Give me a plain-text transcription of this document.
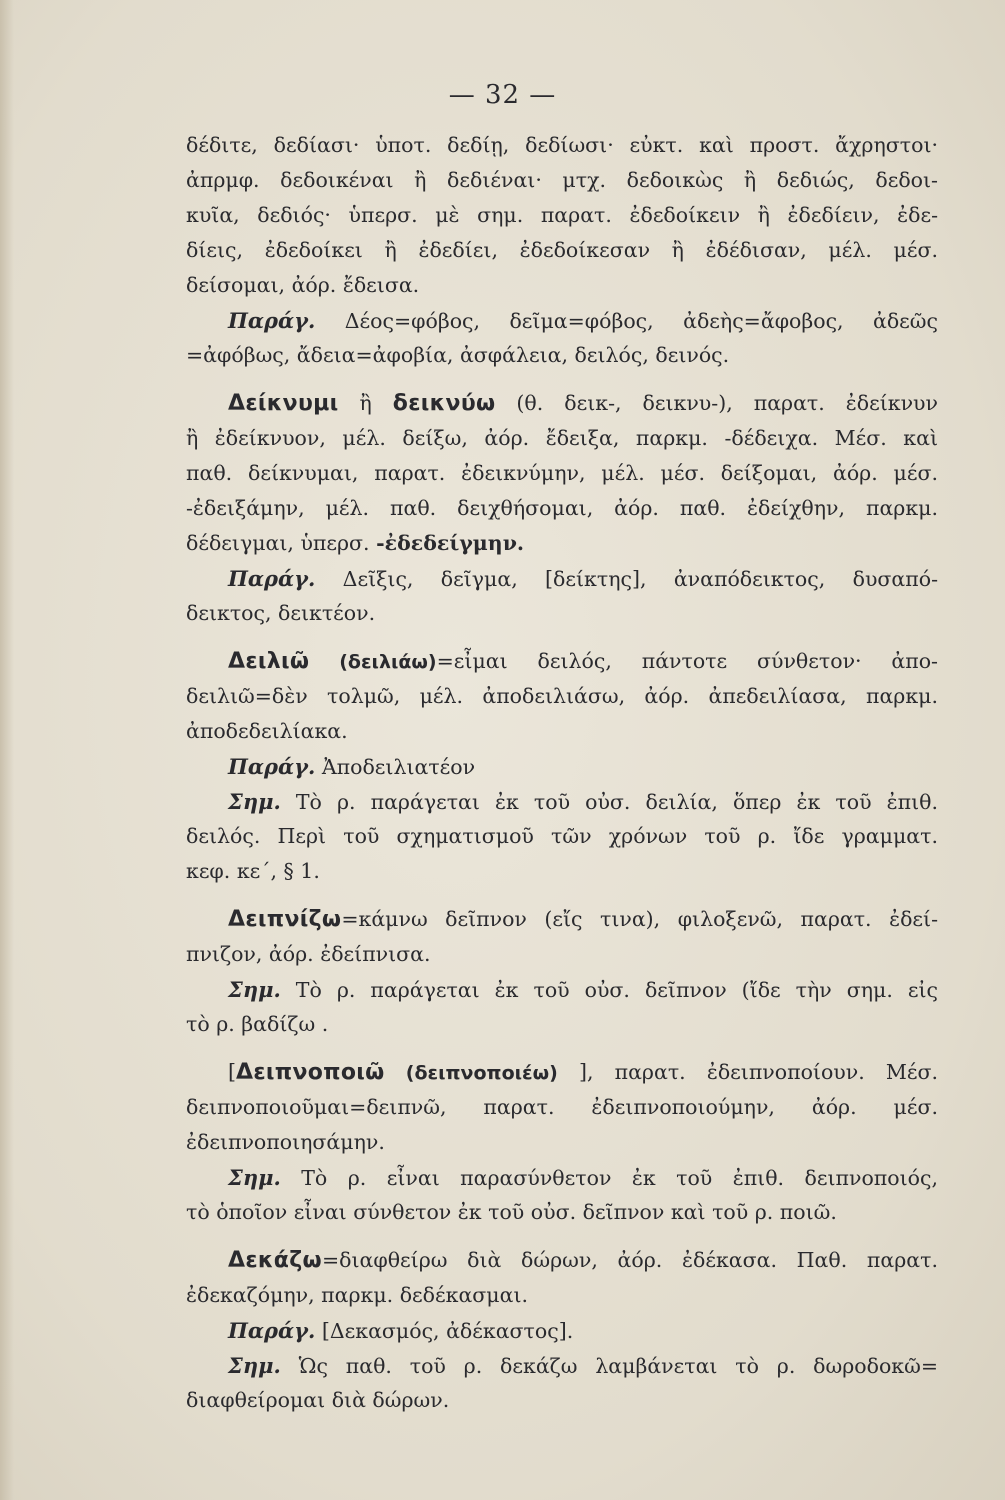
— 32 —
δέδιτε, δεδίασι· ὑποτ. δεδίῃ, δεδίωσι· εὐκτ. καὶ προστ. ἄχρηστοι·
ἀπρμφ. δεδοικέναι ἢ δεδιέναι· μτχ. δεδοικὼς ἢ δεδιώς, δεδοι-
κυῖα, δεδιός· ὑπερσ. μὲ σημ. παρατ. ἐδεδοίκειν ἢ ἐδεδίειν, ἐδε-
δίεις, ἐδεδοίκει ἢ ἐδεδίει, ἐδεδοίκεσαν ἢ ἐδέδισαν, μέλ. μέσ.
δείσομαι, ἀόρ. ἔδεισα.
Παράγ. Δέος=φόβος, δεῖμα=φόβος, ἀδεὴς=ἄφοβος, ἀδεῶς
=ἀφόβως, ἄδεια=ἀφοβία, ἀσφάλεια, δειλός, δεινός.
Δείκνυμι ἢ δεικνύω (θ. δεικ-, δεικνυ-), παρατ. ἐδείκνυν
ἢ ἐδείκνυον, μέλ. δείξω, ἀόρ. ἔδειξα, παρκμ. -δέδειχα. Μέσ. καὶ
παθ. δείκνυμαι, παρατ. ἐδεικνύμην, μέλ. μέσ. δείξομαι, ἀόρ. μέσ.
-ἐδειξάμην, μέλ. παθ. δειχθήσομαι, ἀόρ. παθ. ἐδείχθην, παρκμ.
δέδειγμαι, ὑπερσ. -ἐδεδείγμην.
Παράγ. Δεῖξις, δεῖγμα, [δείκτης], ἀναπόδεικτος, δυσαπό-
δεικτος, δεικτέον.
Δειλιῶ (δειλιάω)=εἶμαι δειλός, πάντοτε σύνθετον· ἀπο-
δειλιῶ=δὲν τολμῶ, μέλ. ἀποδειλιάσω, ἀόρ. ἀπεδειλίασα, παρκμ.
ἀποδεδειλίακα.
Παράγ. Ἀποδειλιατέον
Σημ. Τὸ ρ. παράγεται ἐκ τοῦ οὐσ. δειλία, ὅπερ ἐκ τοῦ ἐπιθ.
δειλός. Περὶ τοῦ σχηματισμοῦ τῶν χρόνων τοῦ ρ. ἴδε γραμματ.
κεφ. κε΄, § 1.
Δειπνίζω=κάμνω δεῖπνον (εἴς τινα), φιλοξενῶ, παρατ. ἐδεί-
πνιζον, ἀόρ. ἐδείπνισα.
Σημ. Τὸ ρ. παράγεται ἐκ τοῦ οὐσ. δεῖπνον (ἴδε τὴν σημ. εἰς
τὸ ρ. βαδίζω .
[Δειπνοποιῶ (δειπνοποιέω) ], παρατ. ἐδειπνοποίουν. Μέσ.
δειπνοποιοῦμαι=δειπνῶ, παρατ. ἐδειπνοποιούμην, ἀόρ. μέσ.
ἐδειπνοποιησάμην.
Σημ. Τὸ ρ. εἶναι παρασύνθετον ἐκ τοῦ ἐπιθ. δειπνοποιός,
τὸ ὁποῖον εἶναι σύνθετον ἐκ τοῦ οὐσ. δεῖπνον καὶ τοῦ ρ. ποιῶ.
Δεκάζω=διαφθείρω διὰ δώρων, ἀόρ. ἐδέκασα. Παθ. παρατ.
ἐδεκαζόμην, παρκμ. δεδέκασμαι.
Παράγ. [Δεκασμός, ἀδέκαστος].
Σημ. Ὡς παθ. τοῦ ρ. δεκάζω λαμβάνεται τὸ ρ. δωροδοκῶ=
διαφθείρομαι διὰ δώρων.
